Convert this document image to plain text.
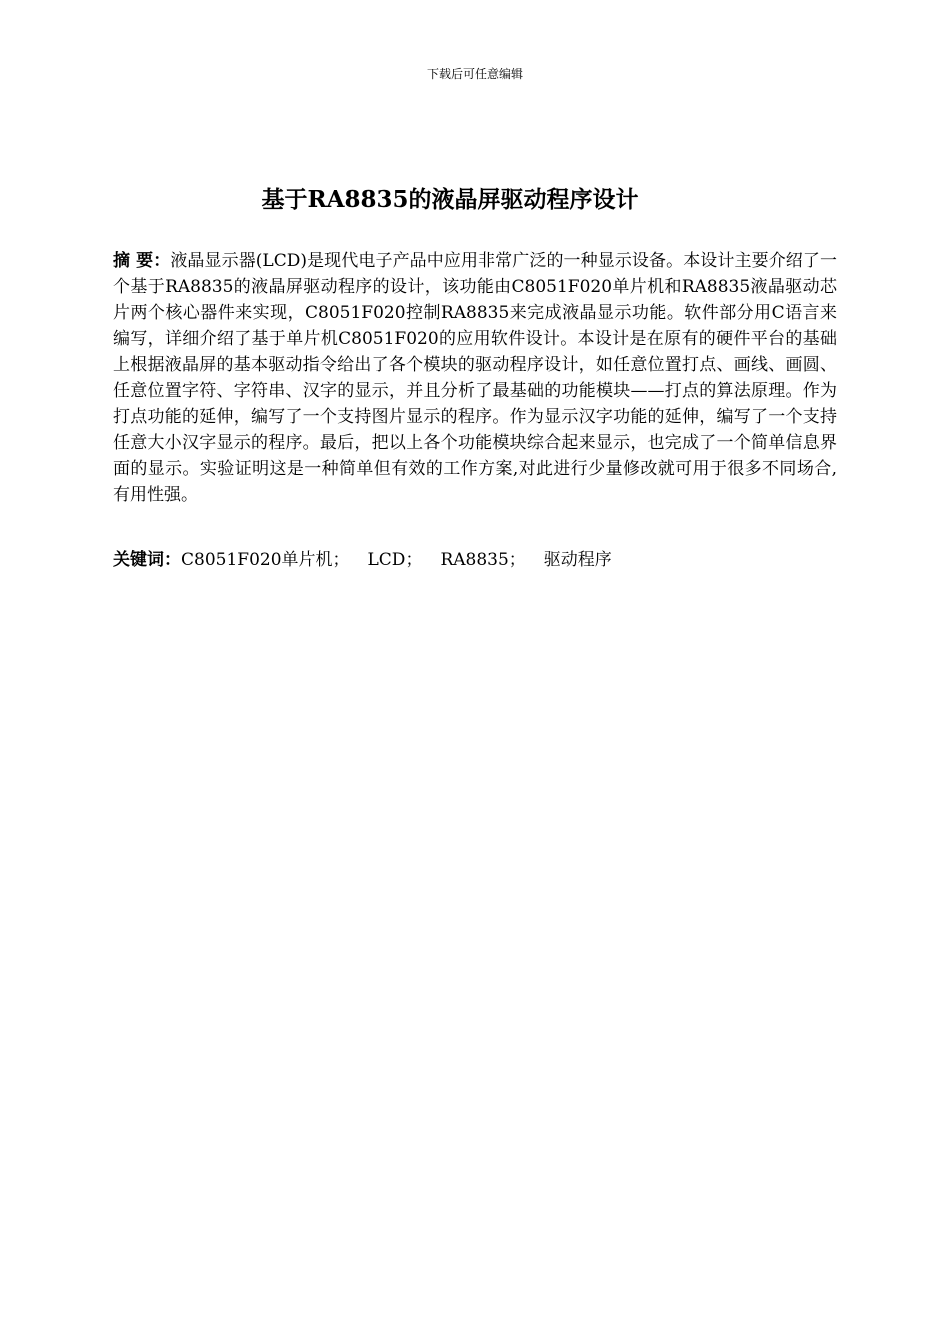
下载后可任意编辑
基于RA8835的液晶屏驱动程序设计

摘 要：液晶显示器(LCD)是现代电子产品中应用非常广泛的一种显示设备。本设计主要介绍了一个基于RA8835的液晶屏驱动程序的设计，该功能由C8051F020单片机和RA8835液晶驱动芯片两个核心器件来实现，C8051F020控制RA8835来完成液晶显示功能。软件部分用C语言来编写，详细介绍了基于单片机C8051F020的应用软件设计。本设计是在原有的硬件平台的基础上根据液晶屏的基本驱动指令给出了各个模块的驱动程序设计，如任意位置打点、画线、画圆、任意位置字符、字符串、汉字的显示，并且分析了最基础的功能模块——打点的算法原理。作为打点功能的延伸，编写了一个支持图片显示的程序。作为显示汉字功能的延伸，编写了一个支持任意大小汉字显示的程序。最后，把以上各个功能模块综合起来显示，也完成了一个简单信息界面的显示。实验证明这是一种简单但有效的工作方案,对此进行少量修改就可用于很多不同场合,有用性强。

关键词：C8051F020单片机； LCD； RA8835； 驱动程序
